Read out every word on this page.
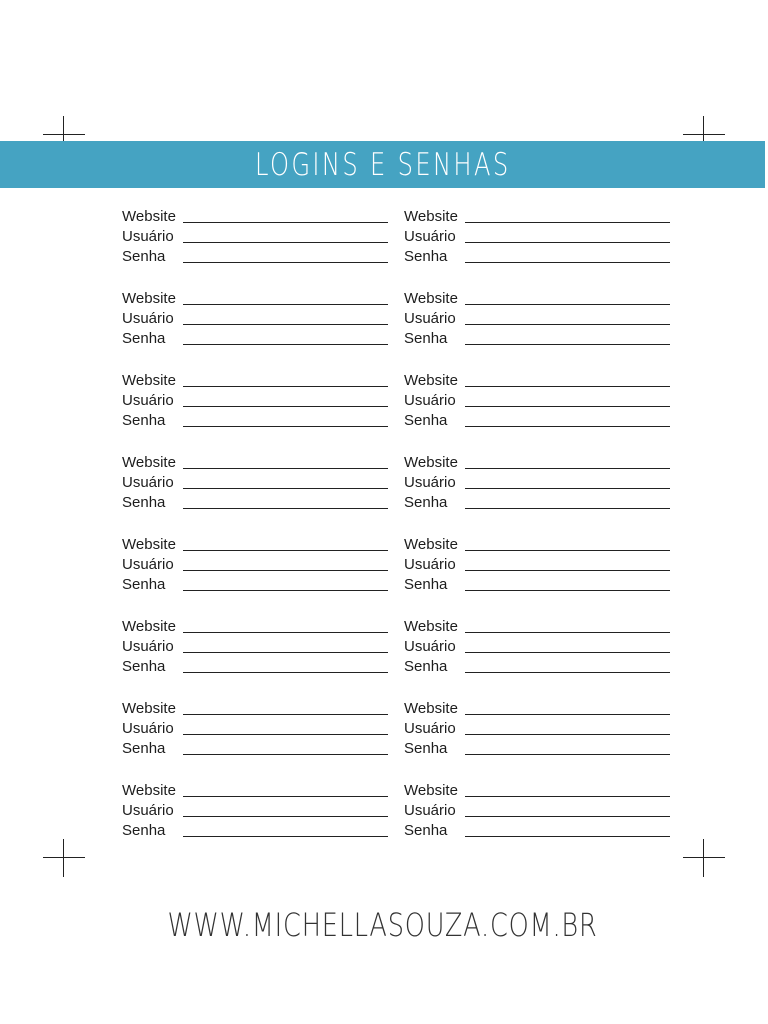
LOGINS E SENHAS
Website
Usuário
Senha
Website
Usuário
Senha
Website
Usuário
Senha
Website
Usuário
Senha
Website
Usuário
Senha
Website
Usuário
Senha
Website
Usuário
Senha
Website
Usuário
Senha
Website
Usuário
Senha
Website
Usuário
Senha
Website
Usuário
Senha
Website
Usuário
Senha
Website
Usuário
Senha
Website
Usuário
Senha
Website
Usuário
Senha
Website
Usuário
Senha
WWW.MICHELLASOUZA.COM.BR
